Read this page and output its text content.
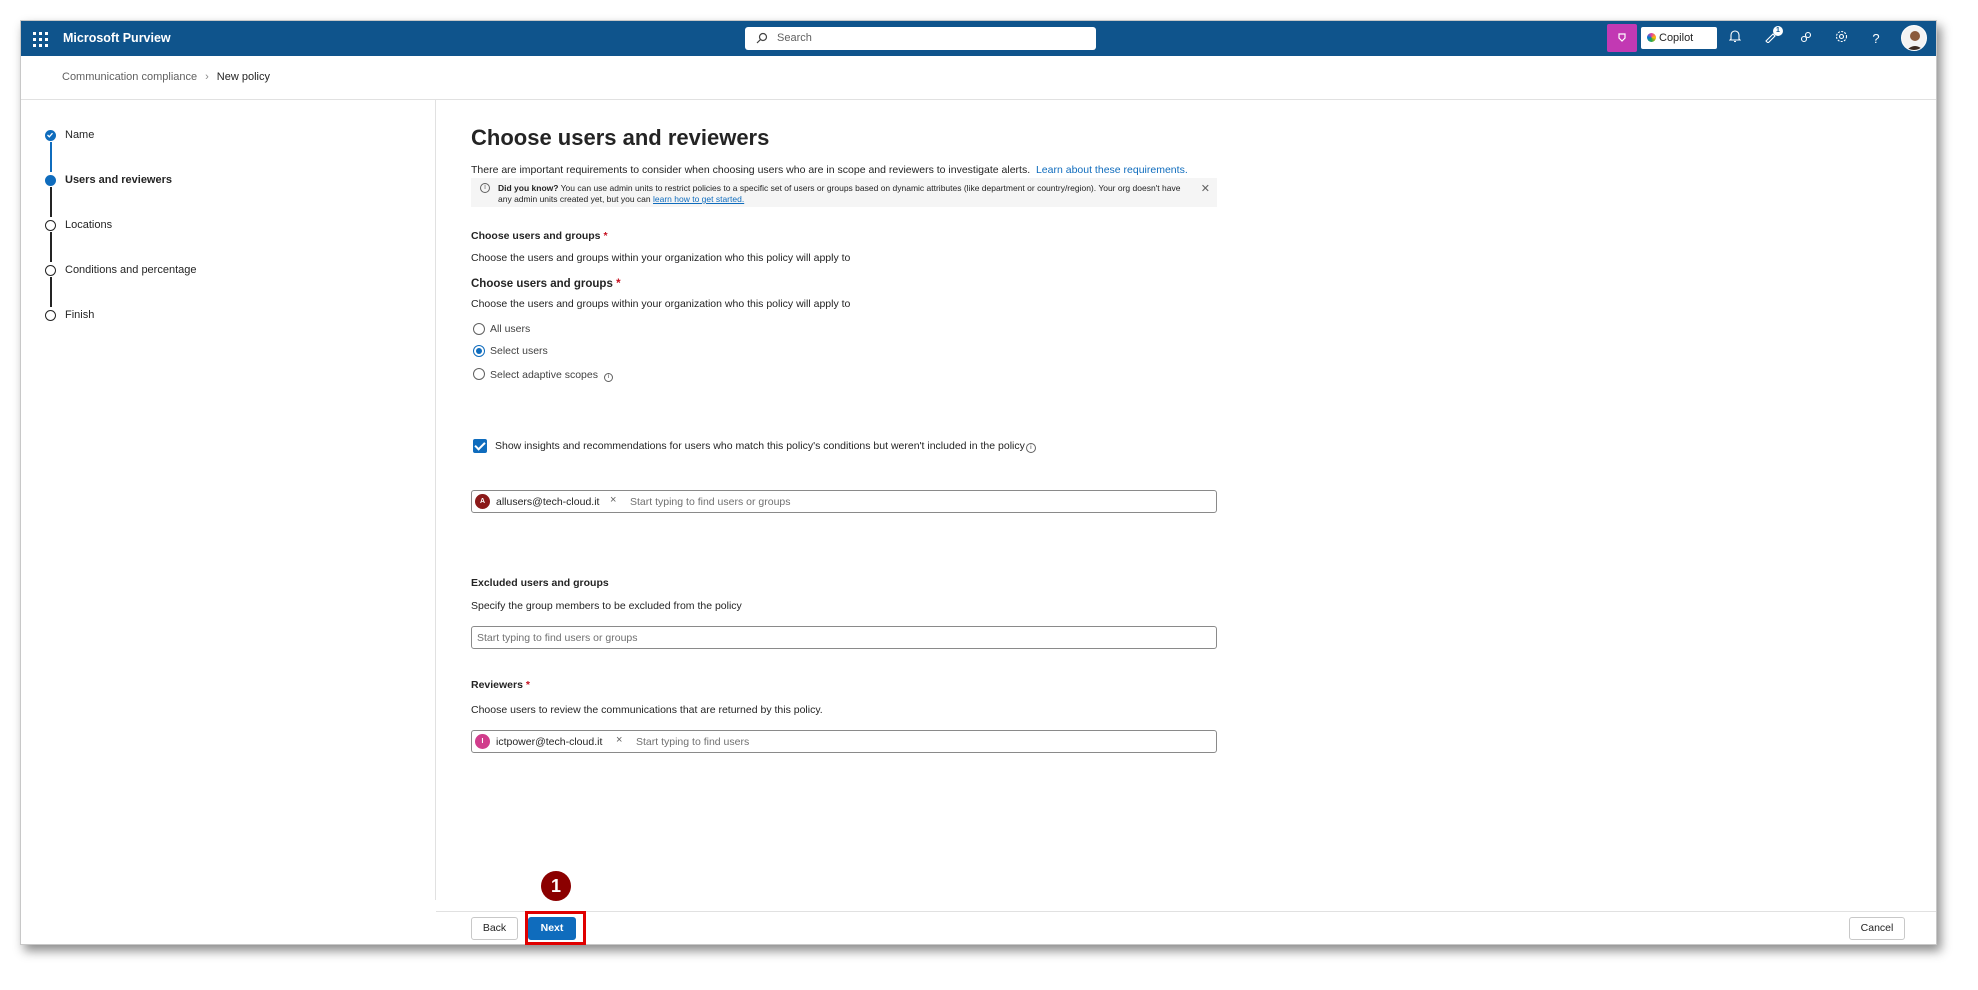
Microsoft Purview	Search	Copilot
1
?
Communication compliance › New policy
Name
Users and reviewers
Locations
Conditions and percentage
Finish
Choose users and reviewers
There are important requirements to consider when choosing users who are in scope and reviewers to investigate alerts. Learn about these requirements.
i	Did you know? You can use admin units to restrict policies to a specific set of users or groups based on dynamic attributes (like department or country/region). Your org doesn't have any admin units created yet, but you can learn how to get started.
✕
Choose users and groups *
Choose the users and groups within your organization who this policy will apply to
Choose users and groups *
Choose the users and groups within your organization who this policy will apply to
All users
Select users
Select adaptive scopes i
A	allusers@tech-cloud.it × Start typing to find users or groups
Show insights and recommendations for users who match this policy's conditions but weren't included in the policy i
Excluded users and groups
Specify the group members to be excluded from the policy
Start typing to find users or groups
Reviewers *
Choose users to review the communications that are returned by this policy.
I	ictpower@tech-cloud.it × Start typing to find users
Back	Next	Cancel
1
